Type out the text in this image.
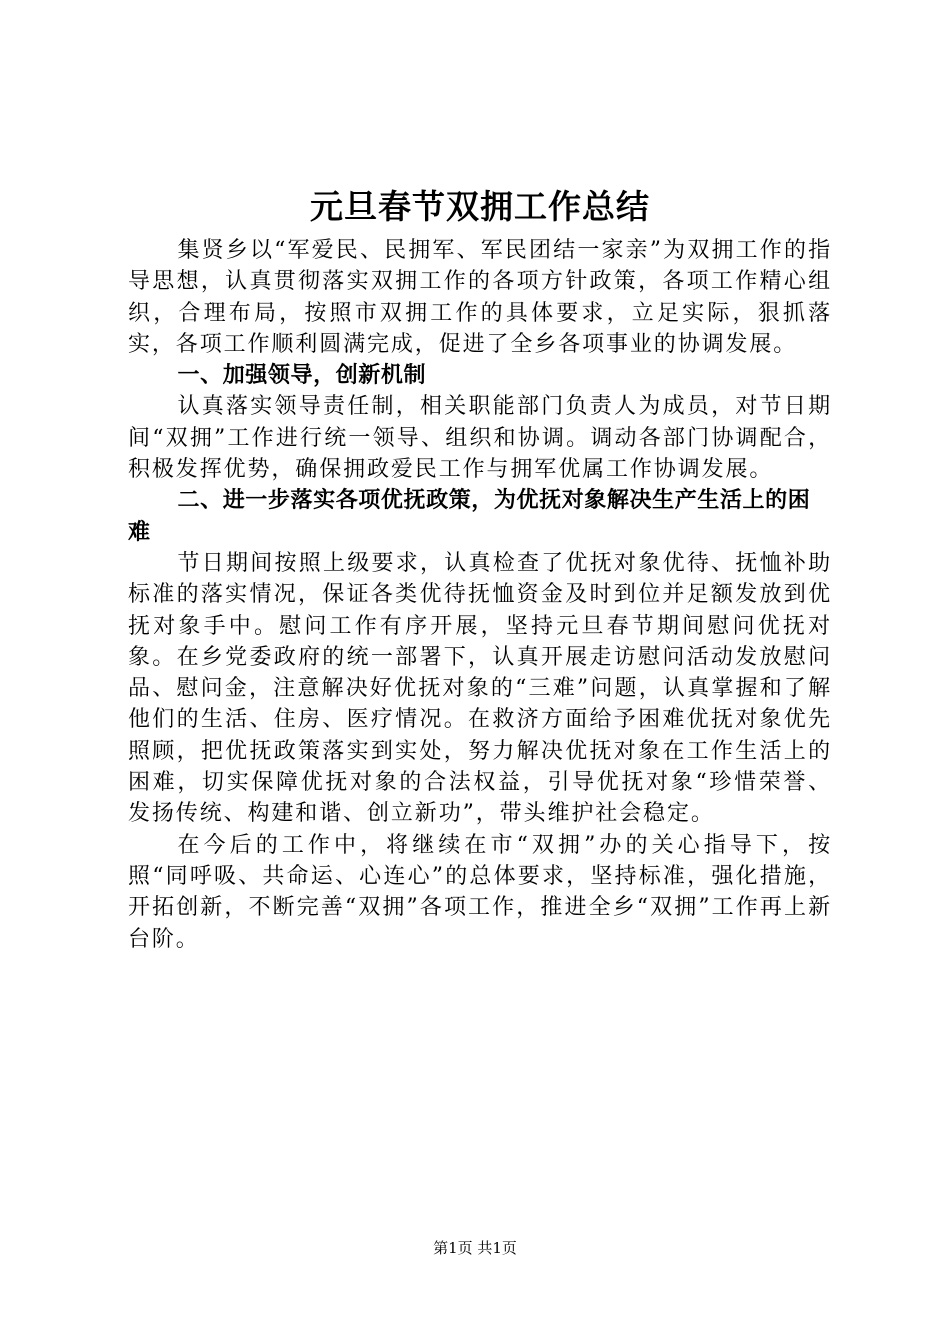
元旦春节双拥工作总结

集贤乡以“军爱民、民拥军、军民团结一家亲”为双拥工作的指导思想，认真贯彻落实双拥工作的各项方针政策，各项工作精心组织，合理布局，按照市双拥工作的具体要求，立足实际，狠抓落实，各项工作顺利圆满完成，促进了全乡各项事业的协调发展。

一、加强领导，创新机制

认真落实领导责任制，相关职能部门负责人为成员，对节日期间“双拥”工作进行统一领导、组织和协调。调动各部门协调配合，积极发挥优势，确保拥政爱民工作与拥军优属工作协调发展。

二、进一步落实各项优抚政策，为优抚对象解决生产生活上的困难

节日期间按照上级要求，认真检查了优抚对象优待、抚恤补助标准的落实情况，保证各类优待抚恤资金及时到位并足额发放到优抚对象手中。慰问工作有序开展，坚持元旦春节期间慰问优抚对象。在乡党委政府的统一部署下，认真开展走访慰问活动发放慰问品、慰问金，注意解决好优抚对象的“三难”问题，认真掌握和了解他们的生活、住房、医疗情况。在救济方面给予困难优抚对象优先照顾，把优抚政策落实到实处，努力解决优抚对象在工作生活上的困难，切实保障优抚对象的合法权益，引导优抚对象“珍惜荣誉、发扬传统、构建和谐、创立新功”，带头维护社会稳定。

在今后的工作中，将继续在市“双拥”办的关心指导下，按照“同呼吸、共命运、心连心”的总体要求，坚持标准，强化措施，开拓创新，不断完善“双拥”各项工作，推进全乡“双拥”工作再上新台阶。

第1页 共1页
